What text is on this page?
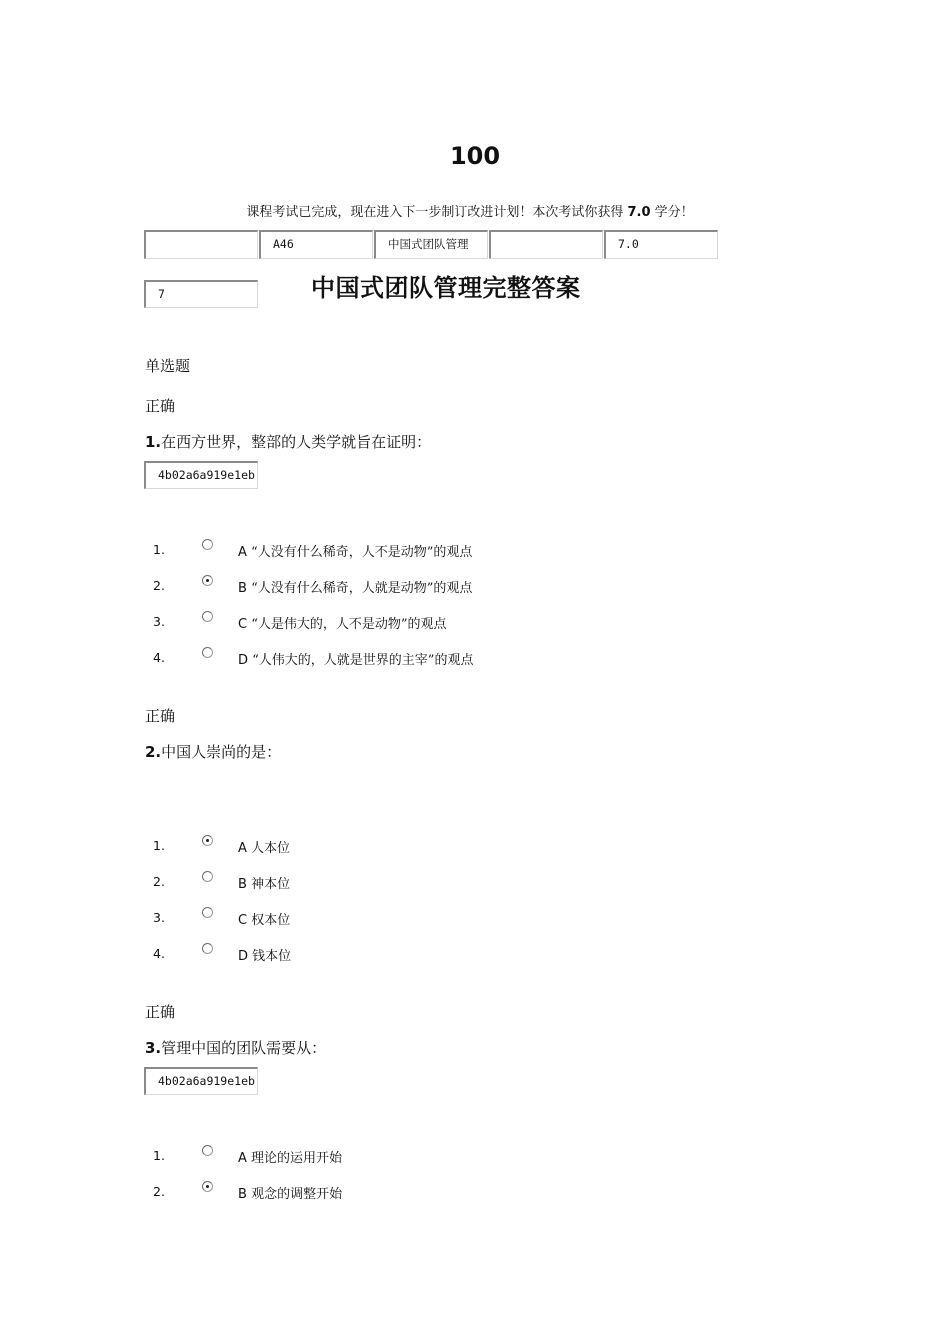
100
课程考试已完成，现在进入下一步制订改进计划！本次考试你获得 7.0 学分！
A46	中国式团队管理	7.0
7	中国式团队管理完整答案
单选题
正确
1.在西方世界，整部的人类学就旨在证明：
4b02a6a919e1eb
1.	A “人没有什么稀奇，人不是动物”的观点
2.	B “人没有什么稀奇，人就是动物”的观点
3.	C “人是伟大的，人不是动物”的观点
4.	D “人伟大的，人就是世界的主宰”的观点
正确
2.中国人崇尚的是：
1.	A 人本位
2.	B 神本位
3.	C 权本位
4.	D 钱本位
正确
3.管理中国的团队需要从：
4b02a6a919e1eb
1.	A 理论的运用开始
2.	B 观念的调整开始
